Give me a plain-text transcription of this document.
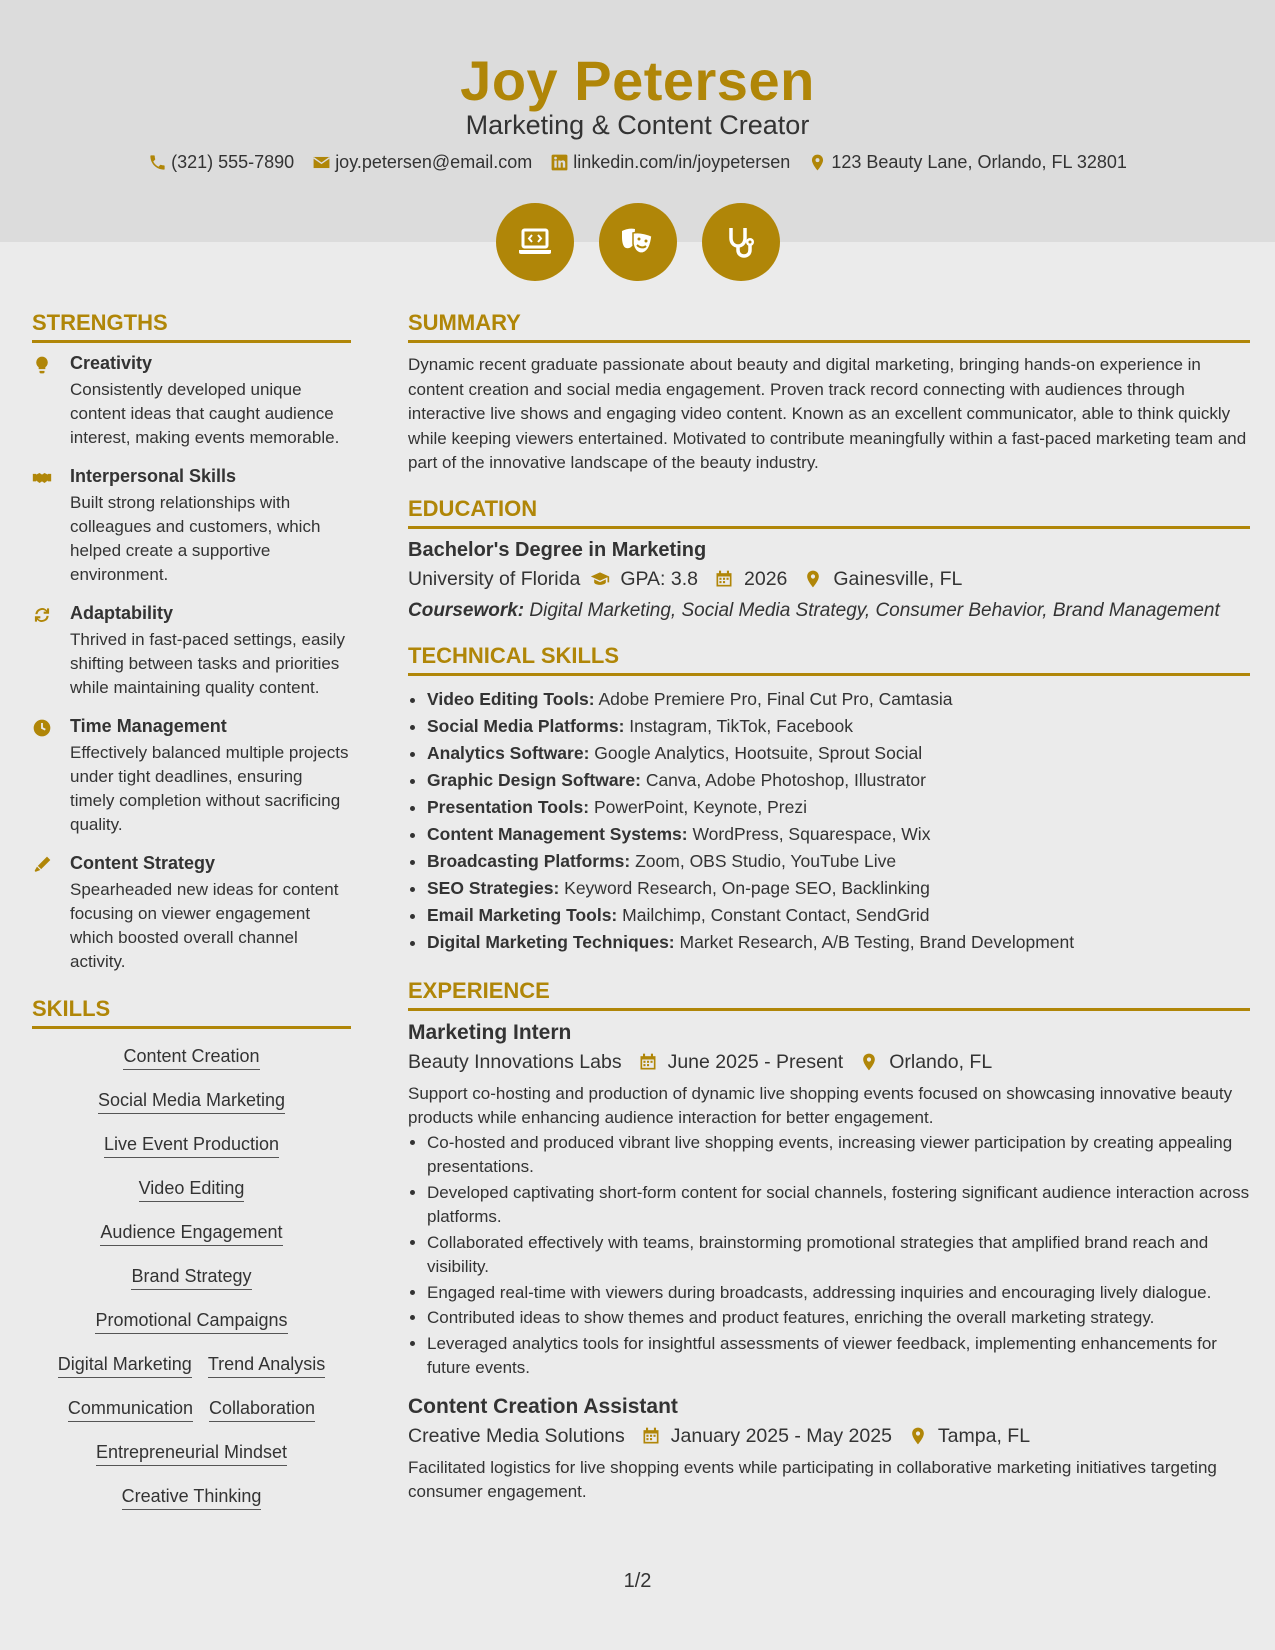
Joy Petersen
Marketing & Content Creator
(321) 555-7890 joy.petersen@email.com linkedin.com/in/joypetersen 123 Beauty Lane, Orlando, FL 32801
STRENGTHS
Creativity
Consistently developed unique content ideas that caught audience interest, making events memorable.
Interpersonal Skills
Built strong relationships with colleagues and customers, which helped create a supportive environment.
Adaptability
Thrived in fast-paced settings, easily shifting between tasks and priorities while maintaining quality content.
Time Management
Effectively balanced multiple projects under tight deadlines, ensuring timely completion without sacrificing quality.
Content Strategy
Spearheaded new ideas for content focusing on viewer engagement which boosted overall channel activity.
SKILLS
Content Creation
Social Media Marketing
Live Event Production
Video Editing
Audience Engagement
Brand Strategy
Promotional Campaigns
Digital Marketing Trend Analysis
Communication Collaboration
Entrepreneurial Mindset
Creative Thinking
SUMMARY
Dynamic recent graduate passionate about beauty and digital marketing, bringing hands-on experience in content creation and social media engagement. Proven track record connecting with audiences through interactive live shows and engaging video content. Known as an excellent communicator, able to think quickly while keeping viewers entertained. Motivated to contribute meaningfully within a fast-paced marketing team and part of the innovative landscape of the beauty industry.
EDUCATION
Bachelor's Degree in Marketing
University of Florida GPA: 3.8 2026 Gainesville, FL
Coursework: Digital Marketing, Social Media Strategy, Consumer Behavior, Brand Management
TECHNICAL SKILLS
• Video Editing Tools: Adobe Premiere Pro, Final Cut Pro, Camtasia
• Social Media Platforms: Instagram, TikTok, Facebook
• Analytics Software: Google Analytics, Hootsuite, Sprout Social
• Graphic Design Software: Canva, Adobe Photoshop, Illustrator
• Presentation Tools: PowerPoint, Keynote, Prezi
• Content Management Systems: WordPress, Squarespace, Wix
• Broadcasting Platforms: Zoom, OBS Studio, YouTube Live
• SEO Strategies: Keyword Research, On-page SEO, Backlinking
• Email Marketing Tools: Mailchimp, Constant Contact, SendGrid
• Digital Marketing Techniques: Market Research, A/B Testing, Brand Development
EXPERIENCE
Marketing Intern
Beauty Innovations Labs June 2025 - Present Orlando, FL
Support co-hosting and production of dynamic live shopping events focused on showcasing innovative beauty products while enhancing audience interaction for better engagement.
• Co-hosted and produced vibrant live shopping events, increasing viewer participation by creating appealing presentations.
• Developed captivating short-form content for social channels, fostering significant audience interaction across platforms.
• Collaborated effectively with teams, brainstorming promotional strategies that amplified brand reach and visibility.
• Engaged real-time with viewers during broadcasts, addressing inquiries and encouraging lively dialogue.
• Contributed ideas to show themes and product features, enriching the overall marketing strategy.
• Leveraged analytics tools for insightful assessments of viewer feedback, implementing enhancements for future events.
Content Creation Assistant
Creative Media Solutions January 2025 - May 2025 Tampa, FL
Facilitated logistics for live shopping events while participating in collaborative marketing initiatives targeting consumer engagement.
1/2
